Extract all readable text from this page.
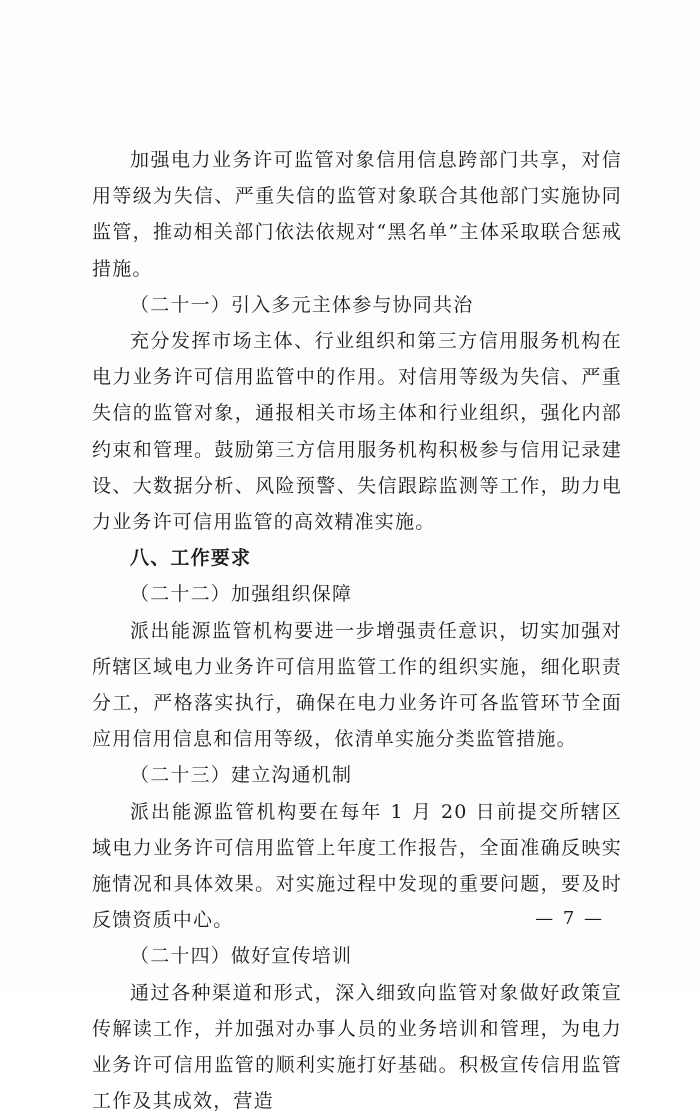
加强电力业务许可监管对象信用信息跨部门共享，对信用等级为失信、严重失信的监管对象联合其他部门实施协同监管，推动相关部门依法依规对“黑名单”主体采取联合惩戒措施。

（二十一）引入多元主体参与协同共治

充分发挥市场主体、行业组织和第三方信用服务机构在电力业务许可信用监管中的作用。对信用等级为失信、严重失信的监管对象，通报相关市场主体和行业组织，强化内部约束和管理。鼓励第三方信用服务机构积极参与信用记录建设、大数据分析、风险预警、失信跟踪监测等工作，助力电力业务许可信用监管的高效精准实施。

八、工作要求

（二十二）加强组织保障

派出能源监管机构要进一步增强责任意识，切实加强对所辖区域电力业务许可信用监管工作的组织实施，细化职责分工，严格落实执行，确保在电力业务许可各监管环节全面应用信用信息和信用等级，依清单实施分类监管措施。

（二十三）建立沟通机制

派出能源监管机构要在每年 1 月 20 日前提交所辖区域电力业务许可信用监管上年度工作报告，全面准确反映实施情况和具体效果。对实施过程中发现的重要问题，要及时反馈资质中心。

（二十四）做好宣传培训

通过各种渠道和形式，深入细致向监管对象做好政策宣传解读工作，并加强对办事人员的业务培训和管理，为电力业务许可信用监管的顺利实施打好基础。积极宣传信用监管工作及其成效，营造

— 7 —
